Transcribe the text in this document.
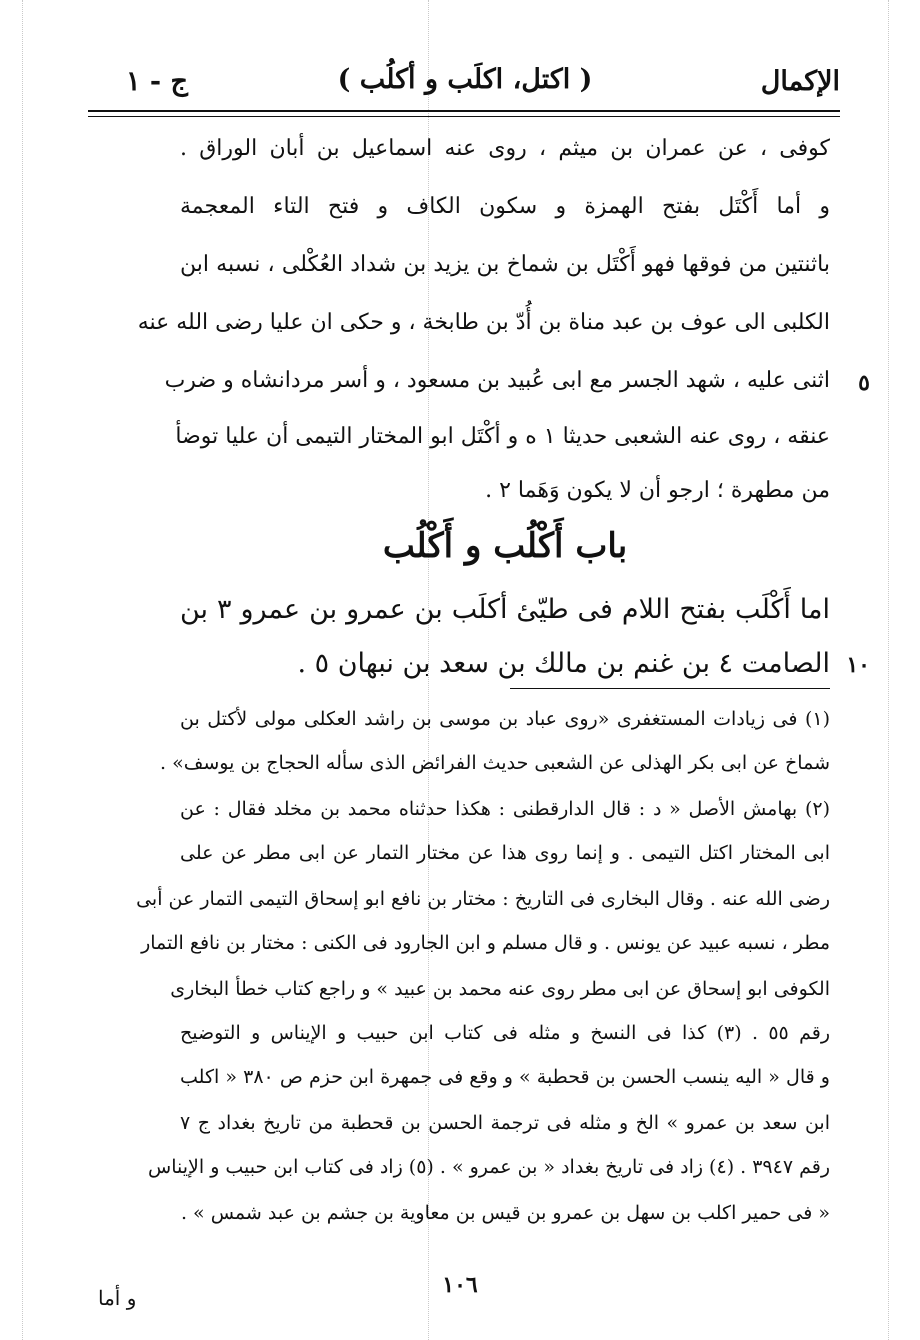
الإكمال
( اكتل، اكلَب و أكلُب )
ج - ١
كوفى ، عن عمران بن ميثم ، روى عنه اسماعيل بن أبان الوراق .
و أما أَكْتَل بفتح الهمزة و سكون الكاف و فتح التاء المعجمة
باثنتين من فوقها فهو أَكْتَل بن شماخ بن يزيد بن شداد العُكْلى ، نسبه ابن
الكلبى الى عوف بن عبد مناة بن أُدّ بن طابخة ، و حكى ان عليا رضى الله عنه
اثنى عليه ، شهد الجسر مع ابى عُبيد بن مسعود ، و أسر مردانشاه و ضرب ٥
عنقه ، روى عنه الشعبى حديثا ١ ه و أكْتَل ابو المختار التيمى أن عليا توضأ
من مطهرة ؛ ارجو أن لا يكون وَهَما ٢ .
باب أَكْلُب و أَكْلُب
اما أَكْلَب بفتح اللام فى طيّئ أكلَب بن عمرو بن عمرو ٣ بن
الصامت ٤ بن غنم بن مالك بن سعد بن نبهان ٥ . ١٠
(١) فى زيادات المستغفرى «روى عباد بن موسى بن راشد العكلى مولى لأكتل بن
شماخ عن ابى بكر الهذلى عن الشعبى حديث الفرائض الذى سأله الحجاج بن يوسف» .
(٢) بهامش الأصل « د : قال الدارقطنى : هكذا حدثناه محمد بن مخلد فقال : عن
ابى المختار اكتل التيمى . و إنما روى هذا عن مختار التمار عن ابى مطر عن على
رضى الله عنه . وقال البخارى فى التاريخ : مختار بن نافع ابو إسحاق التيمى التمار عن أبى
مطر ، نسبه عبيد عن يونس . و قال مسلم و ابن الجارود فى الكنى : مختار بن نافع التمار
الكوفى ابو إسحاق عن ابى مطر روى عنه محمد بن عبيد » و راجع كتاب خطأ البخارى
رقم ٥٥ . (٣) كذا فى النسخ و مثله فى كتاب ابن حبيب و الإيناس و التوضيح
و قال « اليه ينسب الحسن بن قحطبة » و وقع فى جمهرة ابن حزم ص ٣٨٠ « اكلب
ابن سعد بن عمرو » الخ و مثله فى ترجمة الحسن بن قحطبة من تاريخ بغداد ج ٧
رقم ٣٩٤٧ . (٤) زاد فى تاريخ بغداد « بن عمرو » . (٥) زاد فى كتاب ابن حبيب و الإيناس
« فى حمير اكلب بن سهل بن عمرو بن قيس بن معاوية بن جشم بن عبد شمس » .
١٠٦
و أما
